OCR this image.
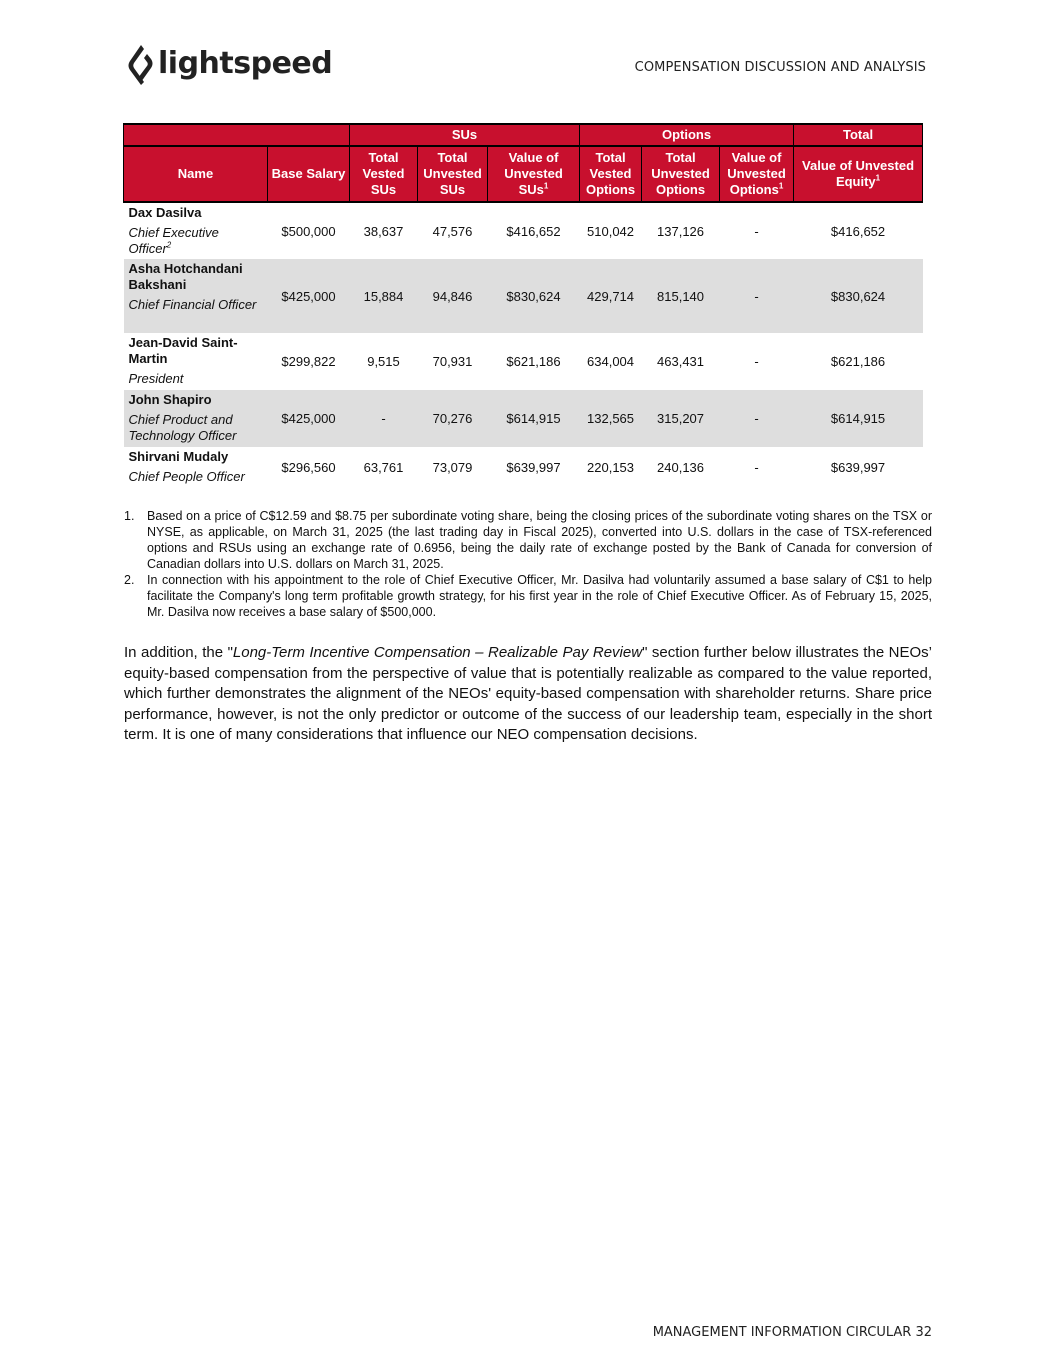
lightspeed	COMPENSATION DISCUSSION AND ANALYSIS
		SUs			Options			Total
Name	Base Salary	Total Vested SUs	Total Unvested SUs	Value of Unvested SUs$^1$	Total Vested Options	Total Unvested Options	Value of Unvested Options$^1$	Value of Unvested Equity$^1$

Dax Dasilva
Chief Executive Officer$^2$	$500,000	38,637	47,576	$416,652	510,042	137,126	-	$416,652

Asha Hotchandani Bakshani
Chief Financial Officer	$425,000	15,884	94,846	$830,624	429,714	815,140	-	$830,624

Jean-David Saint-Martin
President	$299,822	9,515	70,931	$621,186	634,004	463,431	-	$621,186

John Shapiro
Chief Product and Technology Officer	$425,000	-	70,276	$614,915	132,565	315,207	-	$614,915

Shirvani Mudaly
Chief People Officer	$296,560	63,761	73,079	$639,997	220,153	240,136	-	$639,997
1.	Based on a price of C$12.59 and $8.75 per subordinate voting share, being the closing prices of the subordinate voting shares on the TSX or NYSE, as applicable, on March 31, 2025 (the last trading day in Fiscal 2025), converted into U.S. dollars in the case of TSX-referenced options and RSUs using an exchange rate of 0.6956, being the daily rate of exchange posted by the Bank of Canada for conversion of Canadian dollars into U.S. dollars on March 31, 2025.
2.	In connection with his appointment to the role of Chief Executive Officer, Mr. Dasilva had voluntarily assumed a base salary of C$1 to help facilitate the Company's long term profitable growth strategy, for his first year in the role of Chief Executive Officer. As of February 15, 2025, Mr. Dasilva now receives a base salary of $500,000.
In addition, the "Long-Term Incentive Compensation – Realizable Pay Review" section further below illustrates the NEOs’ equity-based compensation from the perspective of value that is potentially realizable as compared to the value reported, which further demonstrates the alignment of the NEOs' equity-based compensation with shareholder returns. Share price performance, however, is not the only predictor or outcome of the success of our leadership team, especially in the short term. It is one of many considerations that influence our NEO compensation decisions.
MANAGEMENT INFORMATION CIRCULAR 32
